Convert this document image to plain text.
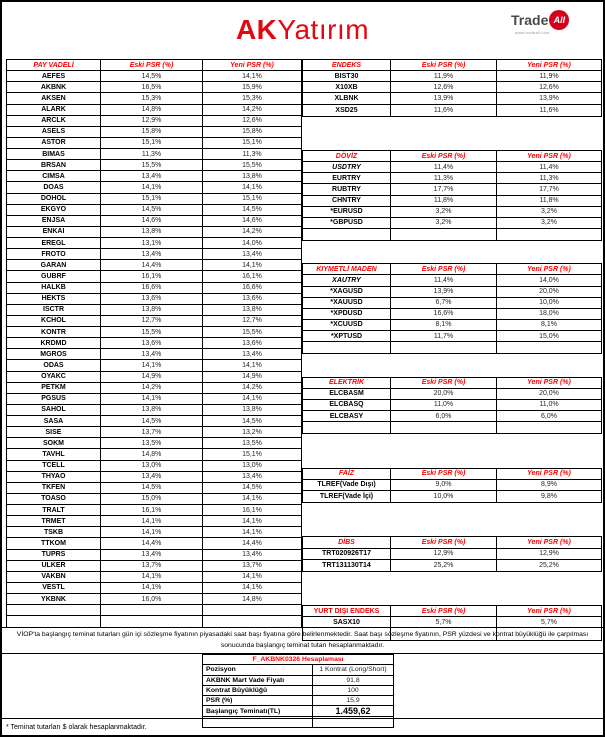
AKYatırım	Trade All
www.tradeall.com
PAY VADELİ	Eski PSR (%)	Yeni PSR (%)
AEFES	14,5%	14,1%
AKBNK	16,5%	15,9%
AKSEN	15,3%	15,3%
ALARK	14,8%	14,2%
ARCLK	12,9%	12,6%
ASELS	15,8%	15,8%
ASTOR	15,1%	15,1%
BIMAS	11,3%	11,3%
BRSAN	15,5%	15,5%
CIMSA	13,4%	13,8%
DOAS	14,1%	14,1%
DOHOL	15,1%	15,1%
EKGYO	14,5%	14,5%
ENJSA	14,6%	14,6%
ENKAI	13,8%	14,2%
EREGL	13,1%	14,0%
FROTO	13,4%	13,4%
GARAN	14,4%	14,1%
GUBRF	16,1%	16,1%
HALKB	16,6%	16,6%
HEKTS	13,6%	13,6%
ISCTR	13,8%	13,8%
KCHOL	12,7%	12,7%
KONTR	15,5%	15,5%
KRDMD	13,6%	13,6%
MGROS	13,4%	13,4%
ODAS	14,1%	14,1%
OYAKC	14,9%	14,9%
PETKM	14,2%	14,2%
PGSUS	14,1%	14,1%
SAHOL	13,8%	13,8%
SASA	14,5%	14,5%
SISE	13,7%	13,2%
SOKM	13,5%	13,5%
TAVHL	14,8%	15,1%
TCELL	13,0%	13,0%
THYAO	13,4%	13,4%
TKFEN	14,5%	14,5%
TOASO	15,0%	14,1%
TRALT	16,1%	16,1%
TRMET	14,1%	14,1%
TSKB	14,1%	14,1%
TTKOM	14,4%	14,4%
TUPRS	13,4%	13,4%
ULKER	13,7%	13,7%
VAKBN	14,1%	14,1%
VESTL	14,1%	14,1%
YKBNK	16,0%	14,8%
ENDEKS	Eski PSR (%)	Yeni PSR (%)
BIST30	11,9%	11,9%
X10XB	12,6%	12,6%
XLBNK	13,9%	13,9%
XSD25	11,6%	11,6%
DÖVİZ	Eski PSR (%)	Yeni PSR (%)
USDTRY	11,4%	11,4%
EURTRY	11,3%	11,3%
RUBTRY	17,7%	17,7%
CHNTRY	11,8%	11,8%
*EURUSD	3,2%	3,2%
*GBPUSD	3,2%	3,2%
KIYMETLİ MADEN	Eski PSR (%)	Yeni PSR (%)
XAUTRY	11,4%	14,0%
*XAGUSD	13,9%	20,0%
*XAUUSD	6,7%	10,0%
*XPDUSD	16,6%	18,0%
*XCUUSD	8,1%	8,1%
*XPTUSD	11,7%	15,0%
ELEKTRİK	Eski PSR (%)	Yeni PSR (%)
ELCBASM	20,0%	20,0%
ELCBASQ	11,0%	11,0%
ELCBASY	6,0%	6,0%
FAİZ	Eski PSR (%)	Yeni PSR (%)
TLREF(Vade Dışı)	9,0%	8,9%
TLREF(Vade İçi)	10,0%	9,8%
DİBS	Eski PSR (%)	Yeni PSR (%)
TRT020926T17	12,9%	12,9%
TRT131130T14	25,2%	25,2%
YURT DIŞI ENDEKS	Eski PSR (%)	Yeni PSR (%)
SASX10	5,7%	5,7%
VİOP'ta başlangıç teminat tutarları gün içi sözleşme fiyatının piyasadaki saat başı fiyatına göre belirlenmektedir. Saat başı sözleşme fiyatının, PSR yüzdesi ve kontrat büyüklüğü ile çarpılması sonucunda başlangıç teminat tutarı hesaplanmaktadır.
F_AKBNK0326 Hesaplaması
Pozisyon	1 Kontrat (Long/Short)
AKBNK Mart Vade Fiyatı	91,8
Kontrat Büyüklüğü	100
PSR (%)	15,9
Başlangıç Teminatı(TL)	1.459,62
* Teminat tutarları $ olarak hesaplanmaktadır.
